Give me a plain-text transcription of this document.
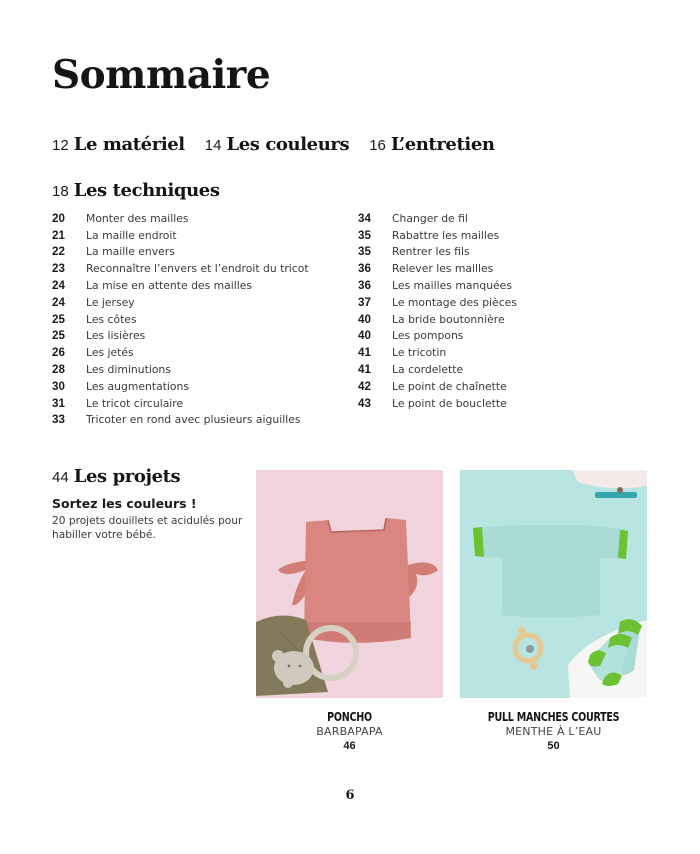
Sommaire
12 Le matériel 14 Les couleurs 16 L’entretien
18 Les techniques
20	Monter des mailles
21	La maille endroit
22	La maille envers
23	Reconnaître l’envers et l’endroit du tricot
24	La mise en attente des mailles
24	Le jersey
25	Les côtes
25	Les lisières
26	Les jetés
28	Les diminutions
30	Les augmentations
31	Le tricot circulaire
33	Tricoter en rond avec plusieurs aiguilles
34	Changer de fil
35	Rabattre les mailles
35	Rentrer les fils
36	Relever les mailles
36	Les mailles manquées
37	Le montage des pièces
40	La bride boutonnière
40	Les pompons
41	Le tricotin
41	La cordelette
42	Le point de chaînette
43	Le point de bouclette
44 Les projets
Sortez les couleurs !
20 projets douillets et acidulés pour habiller votre bébé.
PONCHO
BARBAPAPA
46
PULL MANCHES COURTES
MENTHE À L’EAU
50
6
